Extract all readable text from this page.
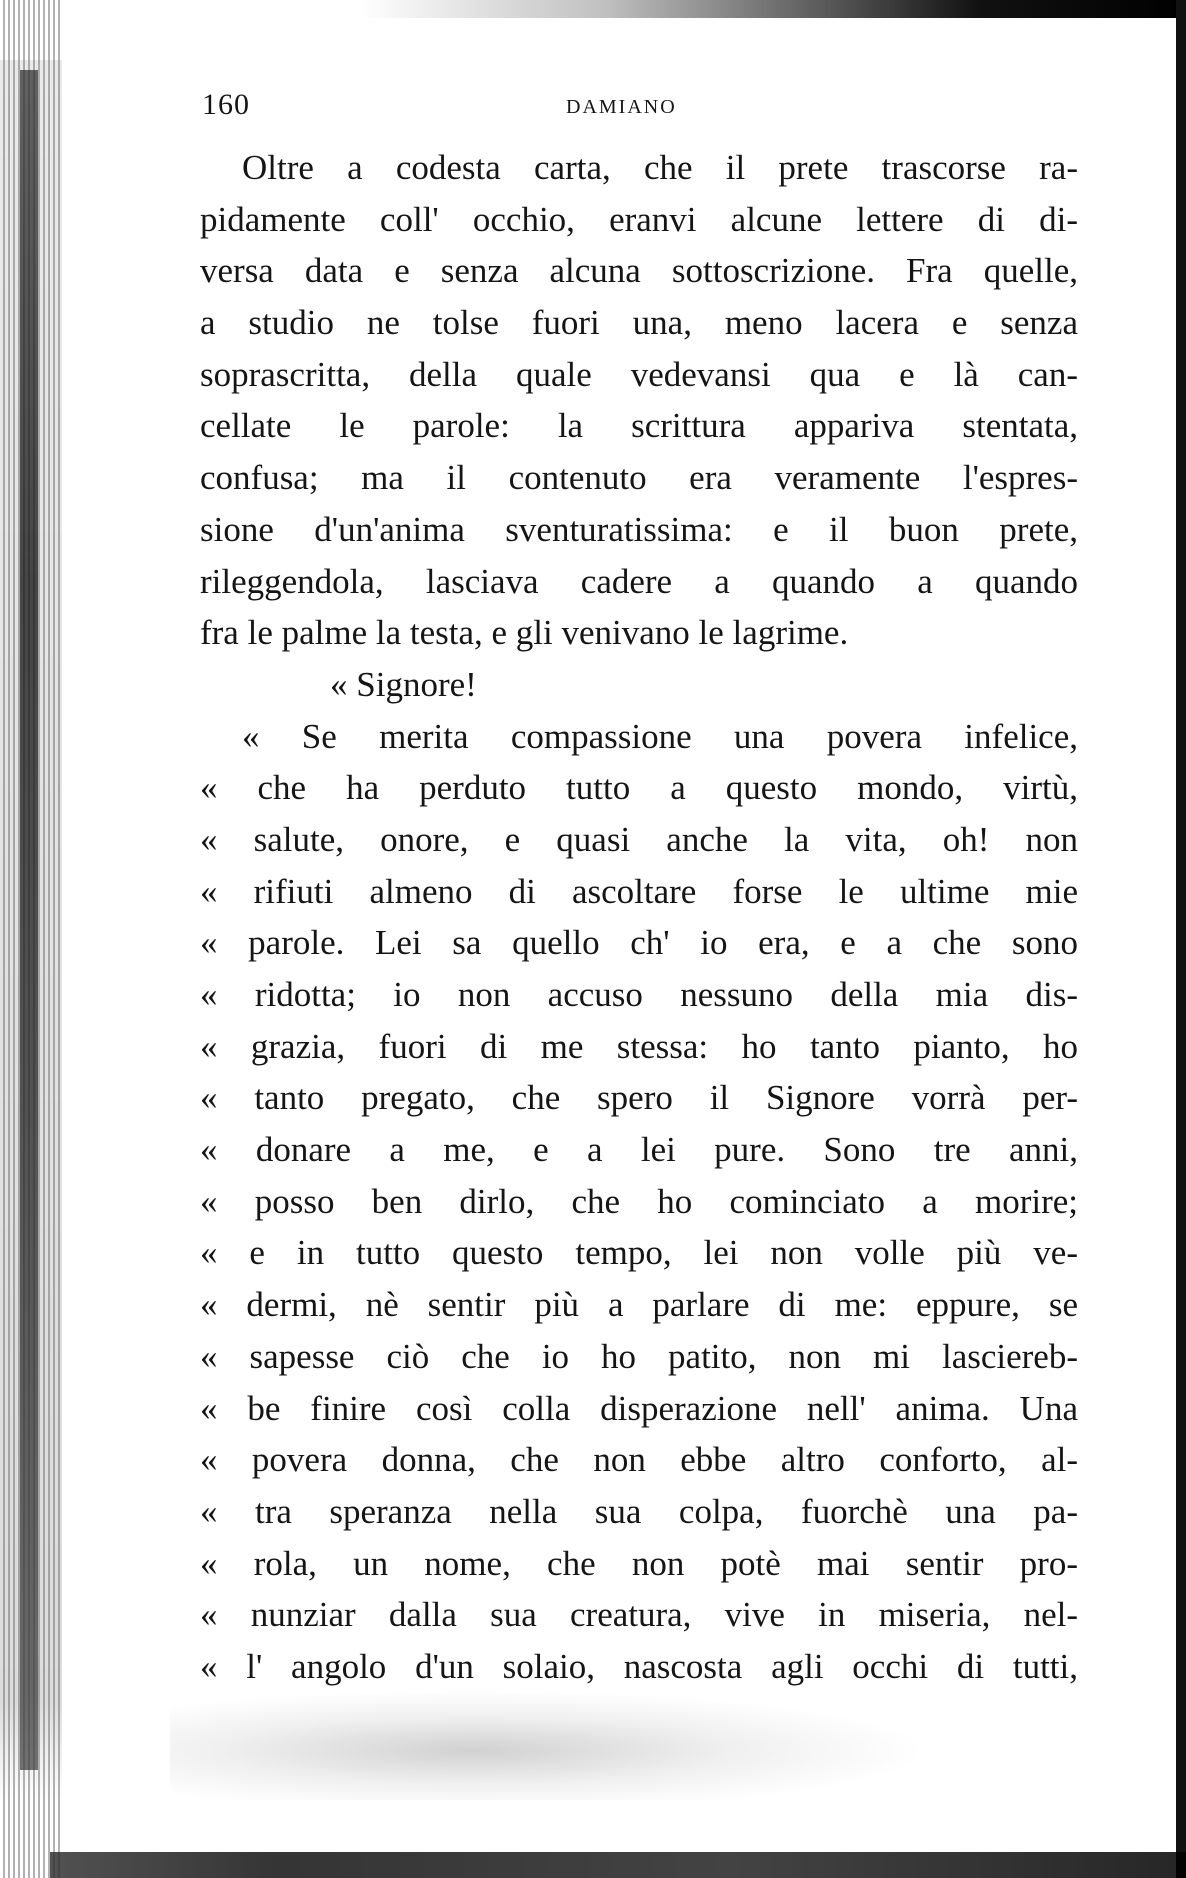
160	DAMIANO
Oltre a codesta carta, che il prete trascorse ra-
pidamente coll' occhio, eranvi alcune lettere di di-
versa data e senza alcuna sottoscrizione. Fra quelle,
a studio ne tolse fuori una, meno lacera e senza
soprascritta, della quale vedevansi qua e là can-
cellate le parole: la scrittura appariva stentata,
confusa; ma il contenuto era veramente l'espres-
sione d'un'anima sventuratissima: e il buon prete,
rileggendola, lasciava cadere a quando a quando
fra le palme la testa, e gli venivano le lagrime.
« Signore!
« Se merita compassione una povera infelice,
« che ha perduto tutto a questo mondo, virtù,
« salute, onore, e quasi anche la vita, oh! non
« rifiuti almeno di ascoltare forse le ultime mie
« parole. Lei sa quello ch' io era, e a che sono
« ridotta; io non accuso nessuno della mia dis-
« grazia, fuori di me stessa: ho tanto pianto, ho
« tanto pregato, che spero il Signore vorrà per-
« donare a me, e a lei pure. Sono tre anni,
« posso ben dirlo, che ho cominciato a morire;
« e in tutto questo tempo, lei non volle più ve-
« dermi, nè sentir più a parlare di me: eppure, se
« sapesse ciò che io ho patito, non mi lasciereb-
« be finire così colla disperazione nell' anima. Una
« povera donna, che non ebbe altro conforto, al-
« tra speranza nella sua colpa, fuorchè una pa-
« rola, un nome, che non potè mai sentir pro-
« nunziar dalla sua creatura, vive in miseria, nel-
« l' angolo d'un solaio, nascosta agli occhi di tutti,
